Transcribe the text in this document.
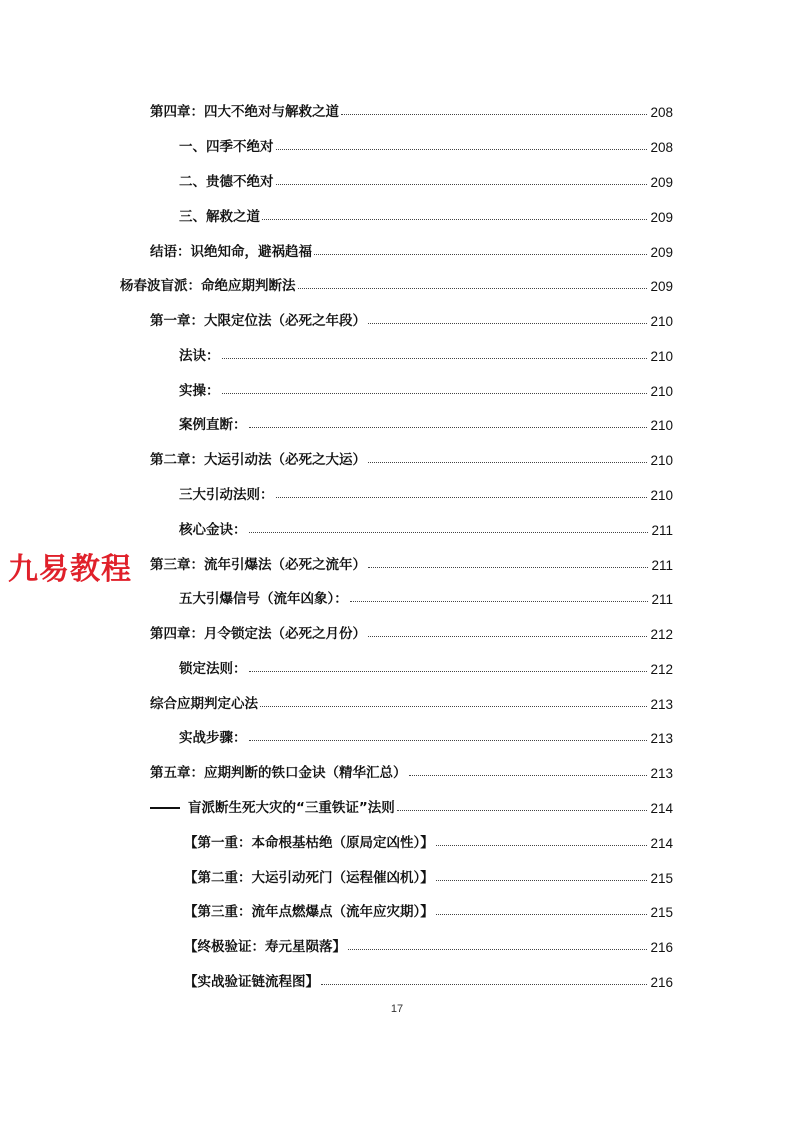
第四章：四大不绝对与解救之道	208
一、四季不绝对	208
二、贵德不绝对	209
三、解救之道	209
结语：识绝知命，避祸趋福	209
杨春波盲派：命绝应期判断法	209
第一章：大限定位法（必死之年段）	210
法诀：	210
实操：	210
案例直断：	210
第二章：大运引动法（必死之大运）	210
三大引动法则：	210
核心金诀：	211
第三章：流年引爆法（必死之流年）	211
五大引爆信号（流年凶象）：	211
第四章：月令锁定法（必死之月份）	212
锁定法则：	212
综合应期判定心法	213
实战步骤：	213
第五章：应期判断的铁口金诀（精华汇总）	213
盲派断生死大灾的“三重铁证”法则	214
【第一重：本命根基枯绝（原局定凶性）】	214
【第二重：大运引动死门（运程催凶机）】	215
【第三重：流年点燃爆点（流年应灾期）】	215
【终极验证：寿元星陨落】	216
【实战验证链流程图】	216
九易教程
17
